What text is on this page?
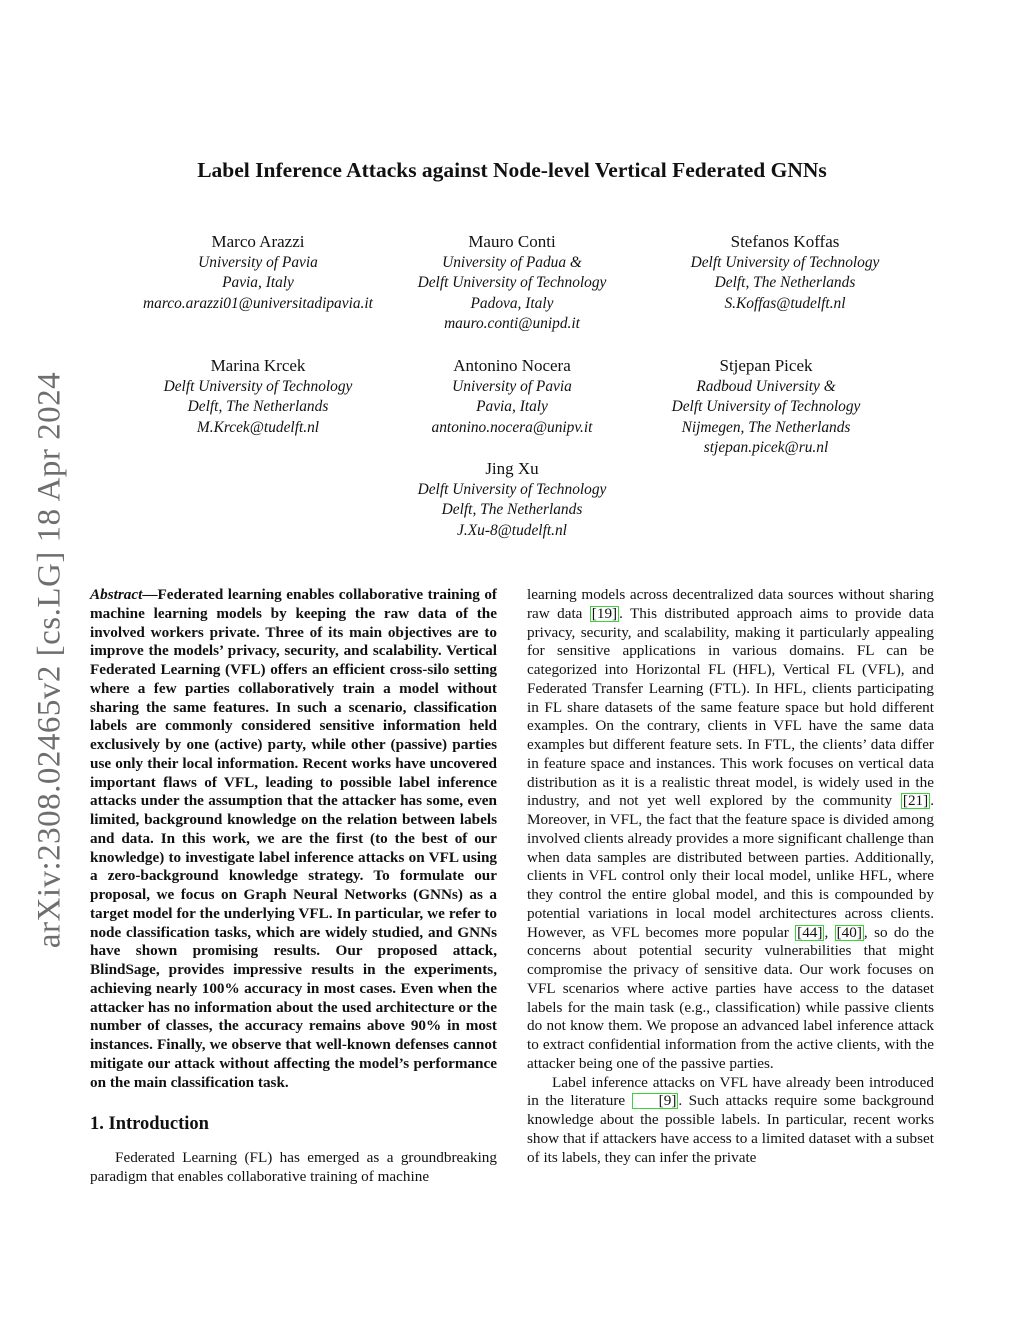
arXiv:2308.02465v2 [cs.LG] 18 Apr 2024
Label Inference Attacks against Node-level Vertical Federated GNNs
Marco Arazzi
University of Pavia
Pavia, Italy
marco.arazzi01@universitadipavia.it
Mauro Conti
University of Padua &
Delft University of Technology
Padova, Italy
mauro.conti@unipd.it
Stefanos Koffas
Delft University of Technology
Delft, The Netherlands
S.Koffas@tudelft.nl
Marina Krcek
Delft University of Technology
Delft, The Netherlands
M.Krcek@tudelft.nl
Antonino Nocera
University of Pavia
Pavia, Italy
antonino.nocera@unipv.it
Stjepan Picek
Radboud University &
Delft University of Technology
Nijmegen, The Netherlands
stjepan.picek@ru.nl
Jing Xu
Delft University of Technology
Delft, The Netherlands
J.Xu-8@tudelft.nl

Abstract—Federated learning enables collaborative training of machine learning models by keeping the raw data of the involved workers private. Three of its main objectives are to improve the models’ privacy, security, and scalability. Vertical Federated Learning (VFL) offers an efficient cross-silo setting where a few parties collaboratively train a model without sharing the same features. In such a scenario, classification labels are commonly considered sensitive information held exclusively by one (active) party, while other (passive) parties use only their local information. Recent works have uncovered important flaws of VFL, leading to possible label inference attacks under the assumption that the attacker has some, even limited, background knowledge on the relation between labels and data. In this work, we are the first (to the best of our knowledge) to investigate label inference attacks on VFL using a zero-background knowledge strategy. To formulate our proposal, we focus on Graph Neural Networks (GNNs) as a target model for the underlying VFL. In particular, we refer to node classification tasks, which are widely studied, and GNNs have shown promising results. Our proposed attack, BlindSage, provides impressive results in the experiments, achieving nearly 100% accuracy in most cases. Even when the attacker has no information about the used architecture or the number of classes, the accuracy remains above 90% in most instances. Finally, we observe that well-known defenses cannot mitigate our attack without affecting the model’s performance on the main classification task.

1. Introduction

Federated Learning (FL) has emerged as a groundbreaking paradigm that enables collaborative training of machine

learning models across decentralized data sources without sharing raw data [19] . This distributed approach aims to provide data privacy, security, and scalability, making it particularly appealing for sensitive applications in various domains. FL can be categorized into Horizontal FL (HFL), Vertical FL (VFL), and Federated Transfer Learning (FTL). In HFL, clients participating in FL share datasets of the same feature space but hold different examples. On the contrary, clients in VFL have the same data examples but different feature sets. In FTL, the clients’ data differ in feature space and instances. This work focuses on vertical data distribution as it is a realistic threat model, is widely used in the industry, and not yet well explored by the community [21] . Moreover, in VFL, the fact that the feature space is divided among involved clients already provides a more significant challenge than when data samples are distributed between parties. Additionally, clients in VFL control only their local model, unlike HFL, where they control the entire global model, and this is compounded by potential variations in local model architectures across clients. However, as VFL becomes more popular [44] , [40] , so do the concerns about potential security vulnerabilities that might compromise the privacy of sensitive data. Our work focuses on VFL scenarios where active parties have access to the dataset labels for the main task (e.g., classification) while passive clients do not know them. We propose an advanced label inference attack to extract confidential information from the active clients, with the attacker being one of the passive parties.

Label inference attacks on VFL have already been introduced in the literature [9] . Such attacks require some background knowledge about the possible labels. In particular, recent works show that if attackers have access to a limited dataset with a subset of its labels, they can infer the private
